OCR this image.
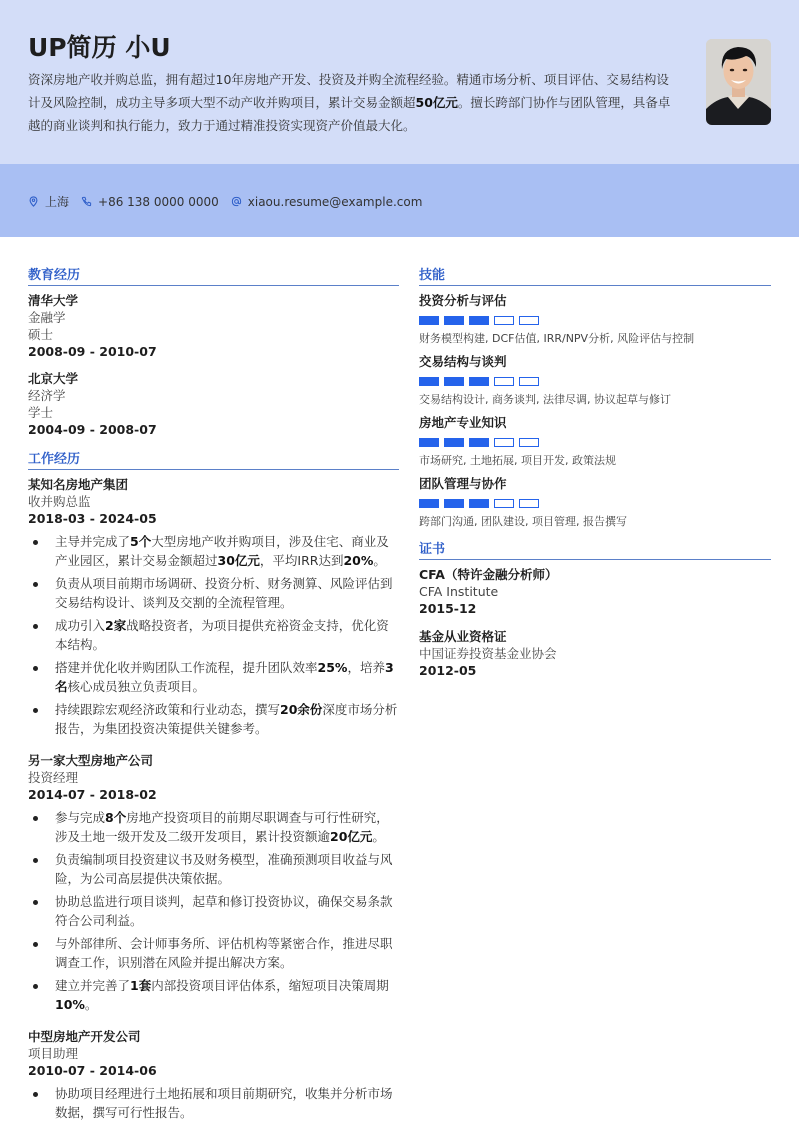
UP简历 小U
资深房地产收并购总监，拥有超过10年房地产开发、投资及并购全流程经验。精通市场分析、项目评估、交易结构设计及风险控制，成功主导多项大型不动产收并购项目，累计交易金额超50亿元。擅长跨部门协作与团队管理，具备卓越的商业谈判和执行能力，致力于通过精准投资实现资产价值最大化。
上海 +86 138 0000 0000 xiaou.resume@example.com
教育经历
清华大学
金融学
硕士
2008-09 - 2010-07
北京大学
经济学
学士
2004-09 - 2008-07
工作经历
某知名房地产集团
收并购总监
2018-03 - 2024-05
主导并完成了5个大型房地产收并购项目，涉及住宅、商业及产业园区，累计交易金额超过30亿元，平均IRR达到20%。
负责从项目前期市场调研、投资分析、财务测算、风险评估到交易结构设计、谈判及交割的全流程管理。
成功引入2家战略投资者，为项目提供充裕资金支持，优化资本结构。
搭建并优化收并购团队工作流程，提升团队效率25%，培养3名核心成员独立负责项目。
持续跟踪宏观经济政策和行业动态，撰写20余份深度市场分析报告，为集团投资决策提供关键参考。
另一家大型房地产公司
投资经理
2014-07 - 2018-02
参与完成8个房地产投资项目的前期尽职调查与可行性研究，涉及土地一级开发及二级开发项目，累计投资额逾20亿元。
负责编制项目投资建议书及财务模型，准确预测项目收益与风险，为公司高层提供决策依据。
协助总监进行项目谈判，起草和修订投资协议，确保交易条款符合公司利益。
与外部律所、会计师事务所、评估机构等紧密合作，推进尽职调查工作，识别潜在风险并提出解决方案。
建立并完善了1套内部投资项目评估体系，缩短项目决策周期10%。
中型房地产开发公司
项目助理
2010-07 - 2014-06
协助项目经理进行土地拓展和项目前期研究，收集并分析市场数据，撰写可行性报告。
技能
投资分析与评估
财务模型构建, DCF估值, IRR/NPV分析, 风险评估与控制
交易结构与谈判
交易结构设计, 商务谈判, 法律尽调, 协议起草与修订
房地产专业知识
市场研究, 土地拓展, 项目开发, 政策法规
团队管理与协作
跨部门沟通, 团队建设, 项目管理, 报告撰写
证书
CFA（特许金融分析师）
CFA Institute
2015-12
基金从业资格证
中国证券投资基金业协会
2012-05
